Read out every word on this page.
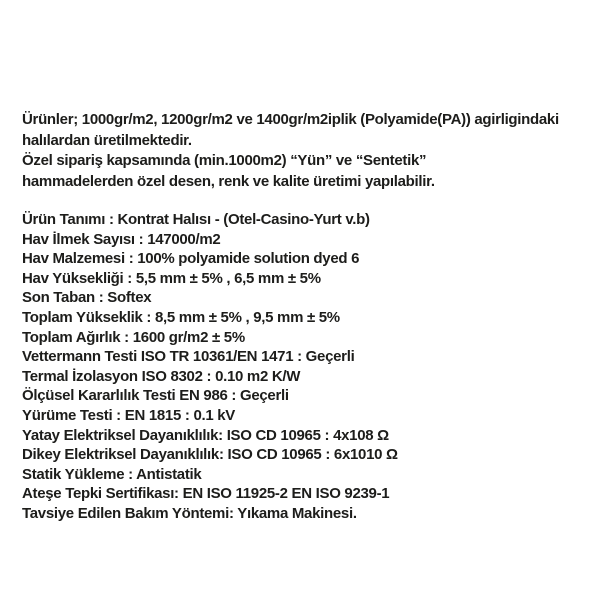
Ürünler; 1000gr/m2, 1200gr/m2 ve 1400gr/m2iplik (Polyamide(PA)) agirligindaki
halılardan üretilmektedir.
Özel sipariş kapsamında (min.1000m2) “Yün” ve “Sentetik”
hammadelerden özel desen, renk ve kalite üretimi yapılabilir.
Ürün Tanımı : Kontrat Halısı - (Otel-Casino-Yurt v.b)
Hav İlmek Sayısı : 147000/m2
Hav Malzemesi : 100% polyamide solution dyed 6
Hav Yüksekliği : 5,5 mm ± 5% , 6,5 mm ± 5%
Son Taban : Softex
Toplam Yükseklik : 8,5 mm ± 5% , 9,5 mm ± 5%
Toplam Ağırlık : 1600 gr/m2 ± 5%
Vettermann Testi ISO TR 10361/EN 1471 : Geçerli
Termal İzolasyon ISO 8302 : 0.10 m2 K/W
Ölçüsel Kararlılık Testi EN 986 : Geçerli
Yürüme Testi : EN 1815 : 0.1 kV
Yatay Elektriksel Dayanıklılık: ISO CD 10965 : 4x108 Ω
Dikey Elektriksel Dayanıklılık: ISO CD 10965 : 6x1010 Ω
Statik Yükleme : Antistatik
Ateşe Tepki Sertifikası: EN ISO 11925-2 EN ISO 9239-1
Tavsiye Edilen Bakım Yöntemi: Yıkama Makinesi.
